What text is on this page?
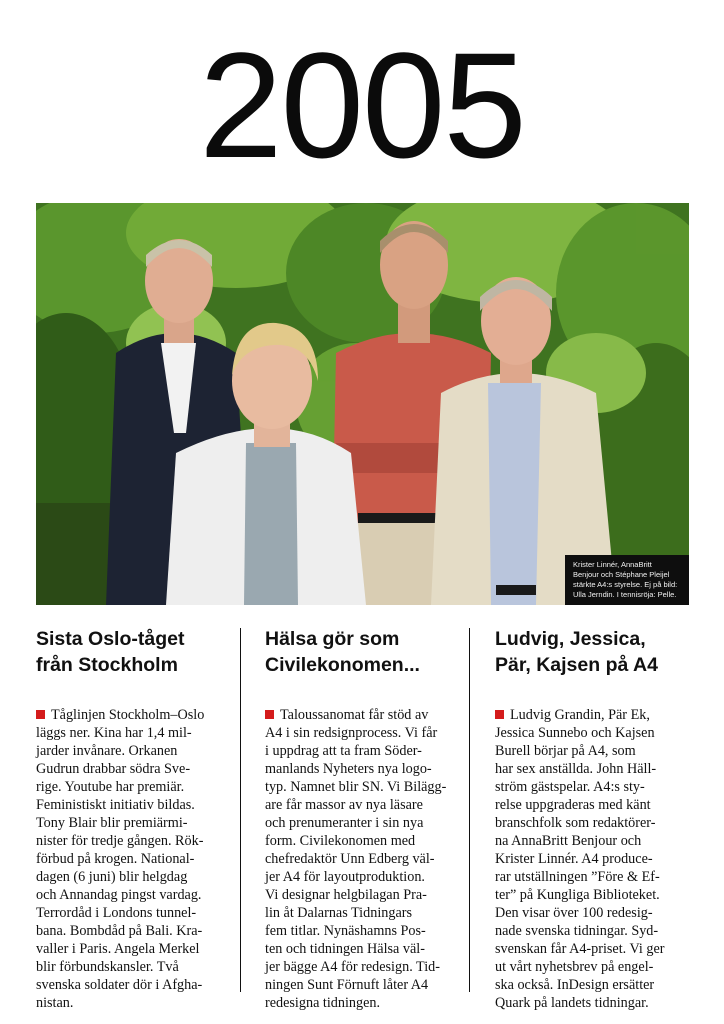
2005
Krister Linnér, AnnaBritt
Benjour och Stéphane Pleijel
stärkte A4:s styrelse. Ej på bild:
Ulla Jerndin. I tennisröja: Pelle.
Sista Oslo-tåget
från Stockholm
Tåglinjen Stockholm–Oslo
läggs ner. Kina har 1,4 mil-
jarder invånare. Orkanen
Gudrun drabbar södra Sve-
rige. Youtube har premiär.
Feministiskt initiativ bildas.
Tony Blair blir premiärmi-
nister för tredje gången. Rök-
förbud på krogen. National-
dagen (6 juni) blir helgdag
och Annandag pingst vardag.
Terrordåd i Londons tunnel-
bana. Bombdåd på Bali. Kra-
valler i Paris. Angela Merkel
blir förbundskansler. Två
svenska soldater dör i Afgha-
nistan.
Hälsa gör som
Civilekonomen...
Taloussanomat får stöd av
A4 i sin redsignprocess. Vi får
i uppdrag att ta fram Söder-
manlands Nyheters nya logo-
typ. Namnet blir SN. Vi Bilägg-
are får massor av nya läsare
och prenumeranter i sin nya
form. Civilekonomen med
chefredaktör Unn Edberg väl-
jer A4 för layoutproduktion.
Vi designar helgbilagan Pra-
lin åt Dalarnas Tidningars
fem titlar. Nynäshamns Pos-
ten och tidningen Hälsa väl-
jer bägge A4 för redesign. Tid-
ningen Sunt Förnuft låter A4
redesigna tidningen.
Ludvig, Jessica,
Pär, Kajsen på A4
Ludvig Grandin, Pär Ek,
Jessica Sunnebo och Kajsen
Burell börjar på A4, som
har sex anställda. John Häll-
ström gästspelar. A4:s sty-
relse uppgraderas med känt
branschfolk som redaktörer-
na AnnaBritt Benjour och
Krister Linnér. A4 produce-
rar utställningen ”Före & Ef-
ter” på Kungliga Biblioteket.
Den visar över 100 redesig-
nade svenska tidningar. Syd-
svenskan får A4-priset. Vi ger
ut vårt nyhetsbrev på engel-
ska också. InDesign ersätter
Quark på landets tidningar.
